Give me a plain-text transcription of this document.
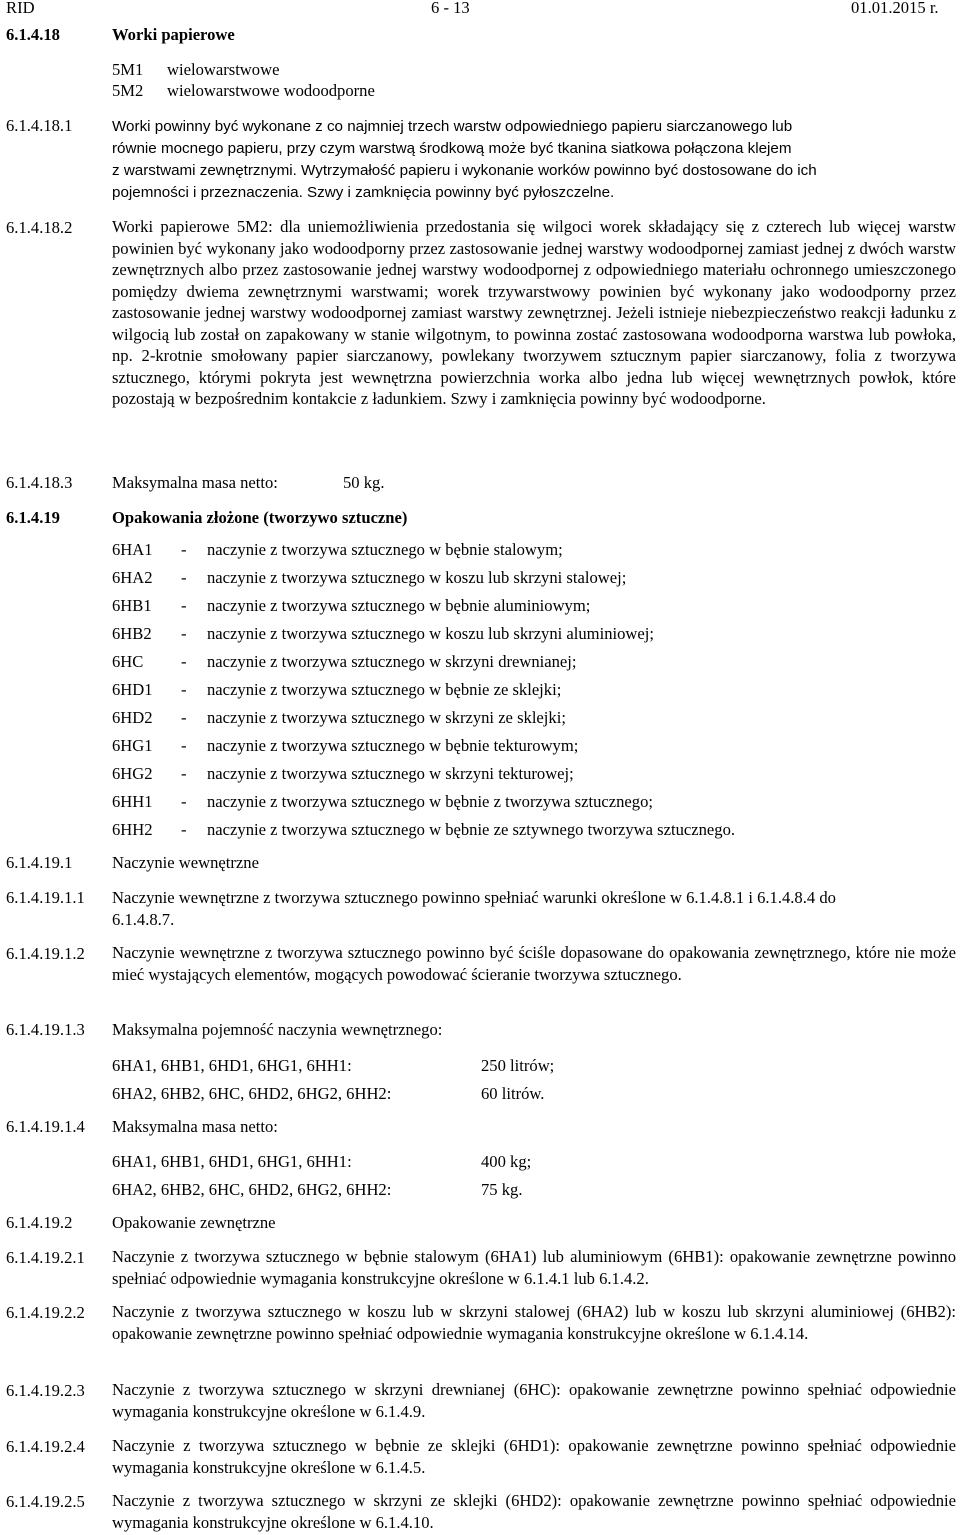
RID	6 - 13	01.01.2015 r.
6.1.4.18	Worki papierowe
5M1 wielowarstwowe
5M2 wielowarstwowe wodoodporne
6.1.4.18.1	Worki powinny być wykonane z co najmniej trzech warstw odpowiedniego papieru siarczanowego lub
równie mocnego papieru, przy czym warstwą środkową może być tkanina siatkowa połączona klejem
z warstwami zewnętrznymi. Wytrzymałość papieru i wykonanie worków powinno być dostosowane do ich
pojemności i przeznaczenia. Szwy i zamknięcia powinny być pyłoszczelne.
6.1.4.18.2 Worki papierowe 5M2: dla uniemożliwienia przedostania się wilgoci worek składający się z czterech lub więcej warstw powinien być wykonany jako wodoodporny przez zastosowanie jednej warstwy wodoodpornej zamiast jednej z dwóch warstw zewnętrznych albo przez zastosowanie jednej warstwy wodoodpornej z odpowiedniego materiału ochronnego umieszczonego pomiędzy dwiema zewnętrznymi warstwami; worek trzywarstwowy powinien być wykonany jako wodoodporny przez zastosowanie jednej warstwy wodoodpornej zamiast warstwy zewnętrznej. Jeżeli istnieje niebezpieczeństwo reakcji ładunku z wilgocią lub został on zapakowany w stanie wilgotnym, to powinna zostać zastosowana wodoodporna warstwa lub powłoka, np. 2-krotnie smołowany papier siarczanowy, powlekany tworzywem sztucznym papier siarczanowy, folia z tworzywa sztucznego, którymi pokryta jest wewnętrzna powierzchnia worka albo jedna lub więcej wewnętrznych powłok, które pozostają w bezpośrednim kontakcie z ładunkiem. Szwy i zamknięcia powinny być wodoodporne.
6.1.4.18.3 Maksymalna masa netto:	50 kg.
6.1.4.19	Opakowania złożone (tworzywo sztuczne)
6HA1 - naczynie z tworzywa sztucznego w bębnie stalowym;
6HA2 - naczynie z tworzywa sztucznego w koszu lub skrzyni stalowej;
6HB1 - naczynie z tworzywa sztucznego w bębnie aluminiowym;
6HB2 - naczynie z tworzywa sztucznego w koszu lub skrzyni aluminiowej;
6HC - naczynie z tworzywa sztucznego w skrzyni drewnianej;
6HD1 - naczynie z tworzywa sztucznego w bębnie ze sklejki;
6HD2 - naczynie z tworzywa sztucznego w skrzyni ze sklejki;
6HG1 - naczynie z tworzywa sztucznego w bębnie tekturowym;
6HG2 - naczynie z tworzywa sztucznego w skrzyni tekturowej;
6HH1 - naczynie z tworzywa sztucznego w bębnie z tworzywa sztucznego;
6HH2 - naczynie z tworzywa sztucznego w bębnie ze sztywnego tworzywa sztucznego.
6.1.4.19.1 Naczynie wewnętrzne
6.1.4.19.1.1 Naczynie wewnętrzne z tworzywa sztucznego powinno spełniać warunki określone w 6.1.4.8.1 i 6.1.4.8.4 do
6.1.4.8.7.
6.1.4.19.1.2 Naczynie wewnętrzne z tworzywa sztucznego powinno być ściśle dopasowane do opakowania zewnętrznego, które nie może mieć wystających elementów, mogących powodować ścieranie tworzywa sztucznego.
6.1.4.19.1.3 Maksymalna pojemność naczynia wewnętrznego:
6HA1, 6HB1, 6HD1, 6HG1, 6HH1:	250 litrów;
6HA2, 6HB2, 6HC, 6HD2, 6HG2, 6HH2:	60 litrów.
6.1.4.19.1.4 Maksymalna masa netto:
6HA1, 6HB1, 6HD1, 6HG1, 6HH1:	400 kg;
6HA2, 6HB2, 6HC, 6HD2, 6HG2, 6HH2:	75 kg.
6.1.4.19.2 Opakowanie zewnętrzne
6.1.4.19.2.1 Naczynie z tworzywa sztucznego w bębnie stalowym (6HA1) lub aluminiowym (6HB1): opakowanie zewnętrzne powinno spełniać odpowiednie wymagania konstrukcyjne określone w 6.1.4.1 lub 6.1.4.2.
6.1.4.19.2.2 Naczynie z tworzywa sztucznego w koszu lub w skrzyni stalowej (6HA2) lub w koszu lub skrzyni aluminiowej (6HB2): opakowanie zewnętrzne powinno spełniać odpowiednie wymagania konstrukcyjne określone w 6.1.4.14.
6.1.4.19.2.3 Naczynie z tworzywa sztucznego w skrzyni drewnianej (6HC): opakowanie zewnętrzne powinno spełniać odpowiednie wymagania konstrukcyjne określone w 6.1.4.9.
6.1.4.19.2.4 Naczynie z tworzywa sztucznego w bębnie ze sklejki (6HD1): opakowanie zewnętrzne powinno spełniać odpowiednie wymagania konstrukcyjne określone w 6.1.4.5.
6.1.4.19.2.5 Naczynie z tworzywa sztucznego w skrzyni ze sklejki (6HD2): opakowanie zewnętrzne powinno spełniać odpowiednie wymagania konstrukcyjne określone w 6.1.4.10.
